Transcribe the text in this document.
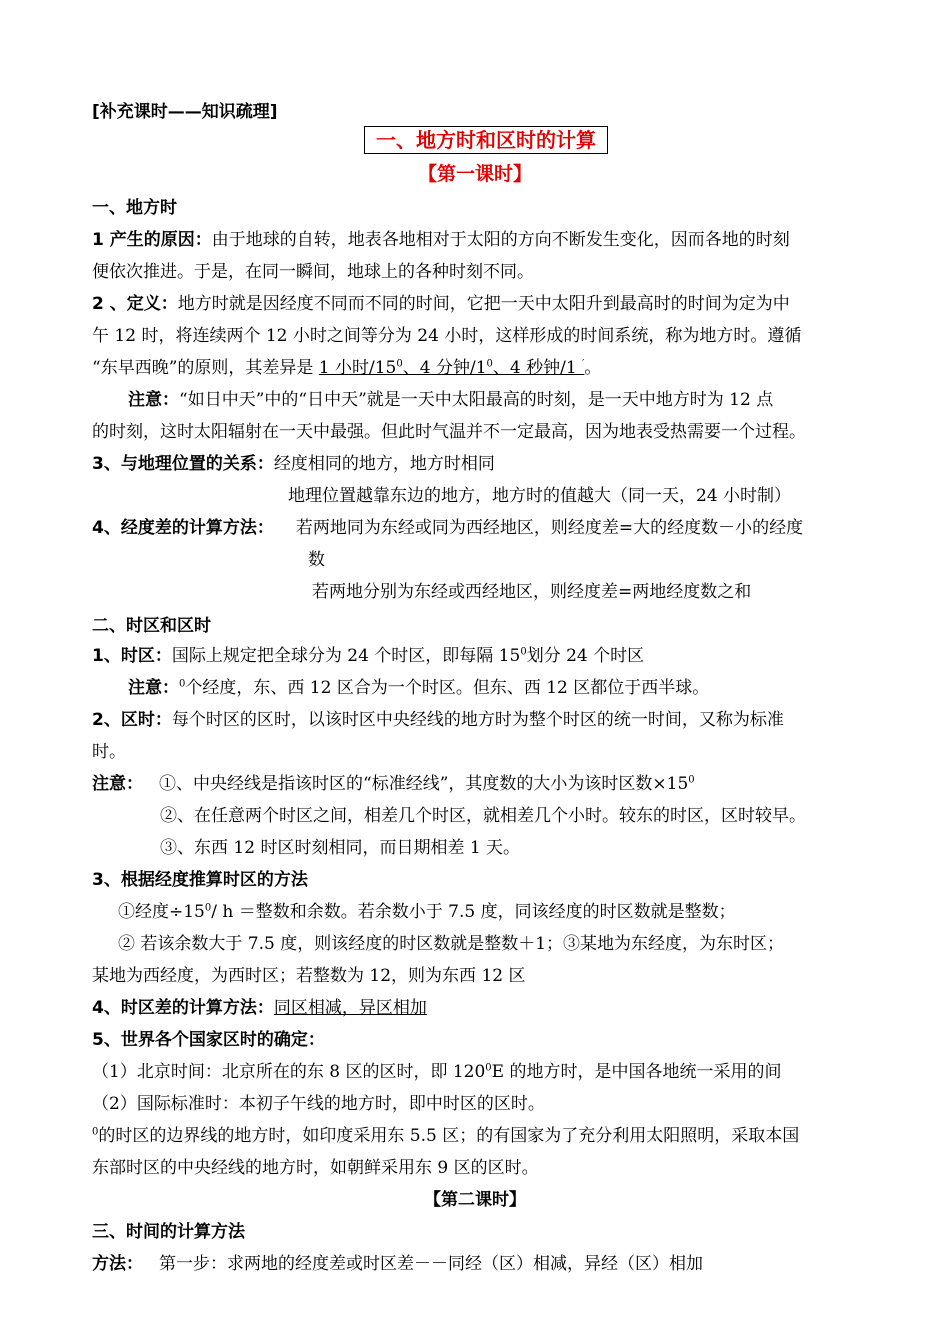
[补充课时——知识疏理]
一、地方时和区时的计算
【第一课时】
一、地方时
1 产生的原因：由于地球的自转，地表各地相对于太阳的方向不断发生变化，因而各地的时刻
便依次推进。于是，在同一瞬间，地球上的各种时刻不同。
2 、定义：地方时就是因经度不同而不同的时间，它把一天中太阳升到最高时的时间为定为中
午 12 时，将连续两个 12 小时之间等分为 24 小时，这样形成的时间系统，称为地方时。遵循
“东早西晚”的原则，其差异是 1 小时$/15^0$、4 分钟$/1^0$、4 秒钟/1 ′。
注意：“如日中天”中的“日中天”就是一天中太阳最高的时刻，是一天中地方时为 12 点
的时刻，这时太阳辐射在一天中最强。但此时气温并不一定最高，因为地表受热需要一个过程。
3、与地理位置的关系：经度相同的地方，地方时相同
地理位置越靠东边的地方，地方时的值越大（同一天，24 小时制）
4、经度差的计算方法： 若两地同为东经或同为西经地区，则经度差=大的经度数－小的经度
数
若两地分别为东经或西经地区，则经度差=两地经度数之和
二、时区和区时
1、时区：国际上规定把全球分为 24 个时区，即每隔 $15^0$划分 24 个时区
注意：$^0$个经度，东、西 12 区合为一个时区。但东、西 12 区都位于西半球。
2、区时：每个时区的区时，以该时区中央经线的地方时为整个时区的统一时间，又称为标准
时。
注意： ①、中央经线是指该时区的“标准经线”，其度数的大小为该时区数$\times 15^0$
②、在任意两个时区之间，相差几个时区，就相差几个小时。较东的时区，区时较早。
③、东西 12 时区时刻相同，而日期相差 1 天。
3、根据经度推算时区的方法
①经度$\div 15^0/$ h ＝整数和余数。若余数小于 7.5 度，同该经度的时区数就是整数；
② 若该余数大于 7.5 度，则该经度的时区数就是整数＋1；③某地为东经度，为东时区；
某地为西经度，为西时区；若整数为 12，则为东西 12 区
4、时区差的计算方法：同区相减，异区相加
5、世界各个国家区时的确定：
（1）北京时间：北京所在的东 8 区的区时，即 $120^0E$ 的地方时，是中国各地统一采用的间
（2）国际标准时：本初子午线的地方时，即中时区的区时。
$^0$的时区的边界线的地方时，如印度采用东 5.5 区；的有国家为了充分利用太阳照明，采取本国
东部时区的中央经线的地方时，如朝鲜采用东 9 区的区时。
【第二课时】
三、时间的计算方法
方法： 第一步：求两地的经度差或时区差－－同经（区）相减，异经（区）相加
